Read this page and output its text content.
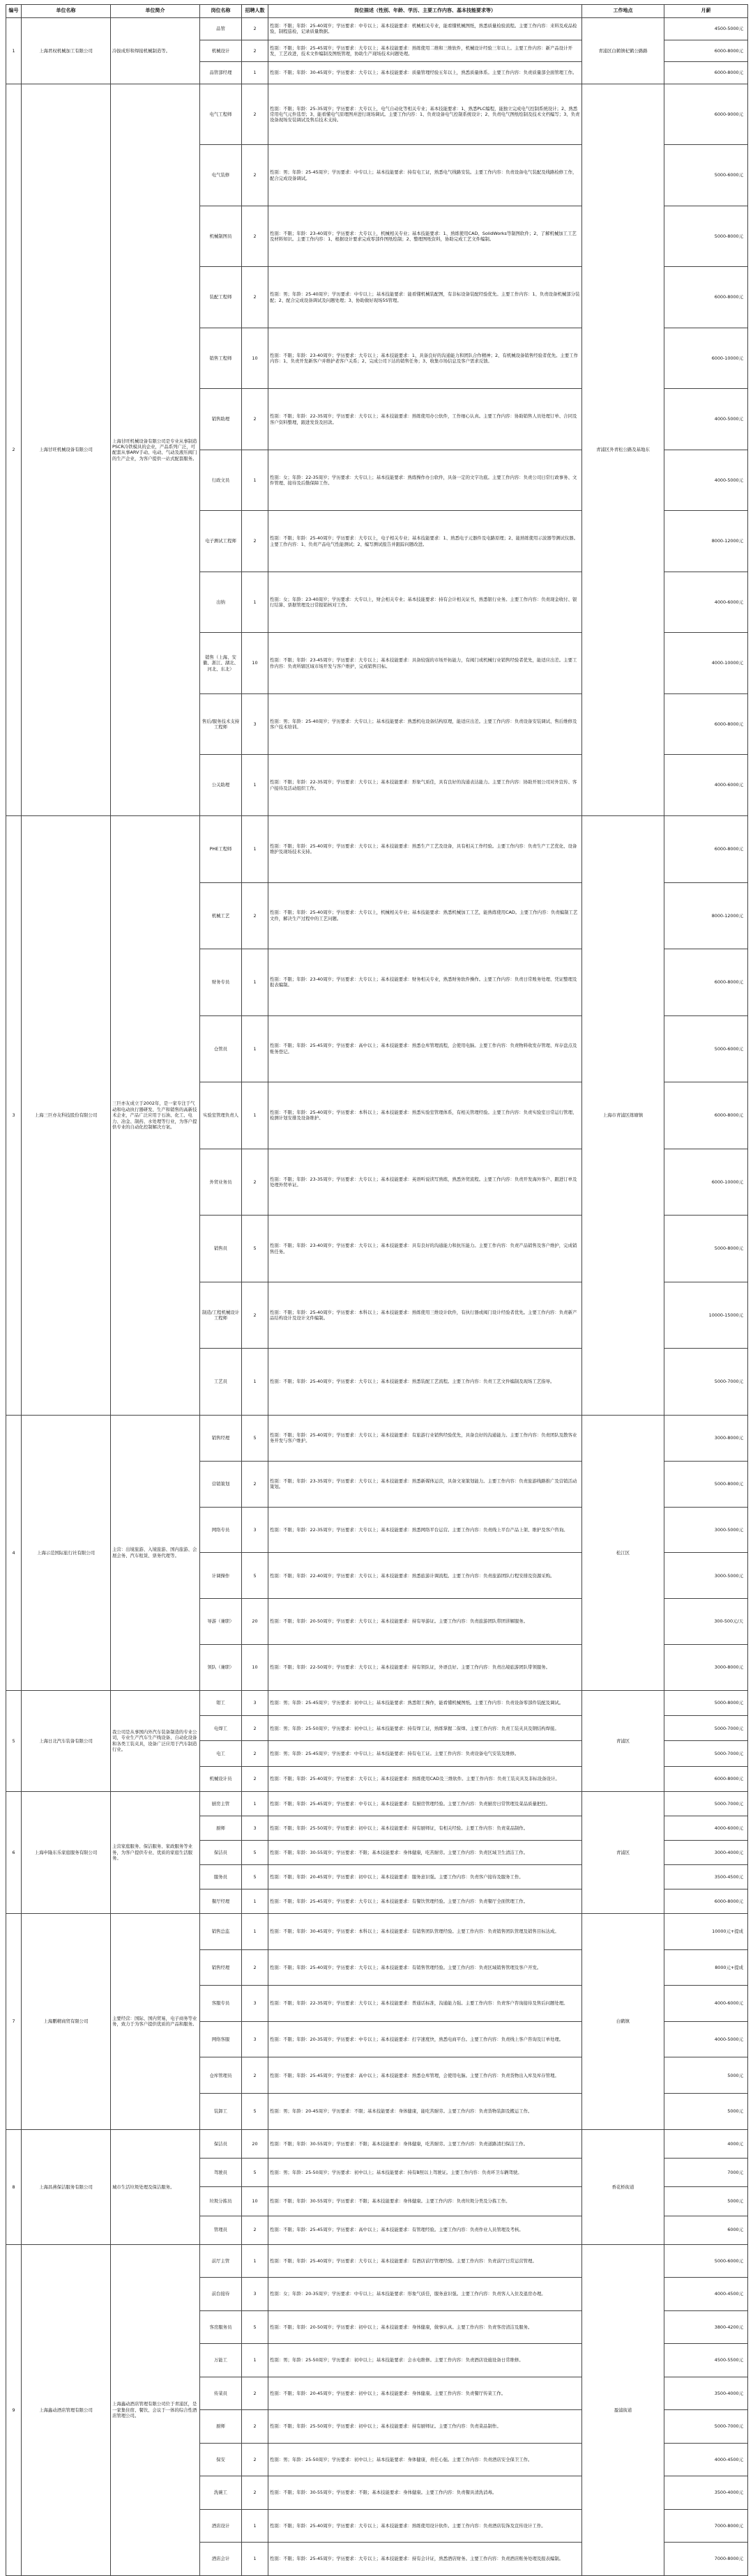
编号	单位名称	单位简介	岗位名称	招聘人数	岗位描述（性别、年龄、学历、主要工作内容、基本技能要求等）	工作地点	月薪
1	上海君权机械加工有限公司	冷拔成形和焊接机械制造等。	品管	2	性别：不限；年龄：25-40周岁；学历要求：中专以上；基本技能要求：机械相关专业，能看懂机械图纸，熟悉质量检验流程。主要工作内容：来料及成品检验，制程巡检，记录质量数据。	青浦区白鹤镇杞鹤公路路	4500-5000元
			机械设计	2	性别：不限；年龄：25-45周岁；学历要求：大专以上；基本技能要求：熟练使用二维和三维软件，机械设计经验三年以上。主要工作内容：新产品设计开发，工艺改进，技术文件编制及图纸管理，协助生产现场技术问题处理。		6000-8000元
			品管部经理	1	性别：不限；年龄：30-45周岁；学历要求：大专以上；基本技能要求：质量管理经验五年以上，熟悉质量体系。主要工作内容：负责质量部全面管理工作。		6000-8000元
2	上海甘旺机械设备有限公司	上海甘旺机械设备有限公司是专业从事制造PSCR冷铁模具的企业，产品系列广泛，可配套从事ARV手动、电动、气动及液压阀门的生产企业，为客户提供一站式配套服务。	电气工程师	2	性别：不限；年龄：25-35周岁；学历要求：大专以上，电气自动化等相关专业；基本技能要求：1、熟悉PLC编程，能独立完成电气控制系统设计；2、熟悉常用电气元件选型；3、能看懂电气原理图并进行现场调试。主要工作内容：1、负责设备电气控制系统设计；2、负责电气图纸绘制及技术文档编写；3、负责设备现场安装调试及售后技术支持。	青浦区外青松公路及基地东	6000-9000元
			电气装修	2	性别：男；年龄：25-45周岁；学历要求：中专以上；基本技能要求：持有电工证，熟悉电气线路安装。主要工作内容：负责设备电气装配及线路检修工作，配合完成设备调试。		5000-6000元
			机械制图员	2	性别：不限；年龄：23-40周岁；学历要求：大专以上，机械相关专业；基本技能要求：1、熟练使用CAD、SolidWorks等制图软件；2、了解机械加工工艺及材料知识。主要工作内容：1、根据设计要求完成零部件图纸绘制；2、整理图纸资料，协助完成工艺文件编制。		5000-8000元
			装配工程师	2	性别：男；年龄：25-40周岁；学历要求：中专以上；基本技能要求：能看懂机械装配图，有非标设备装配经验优先。主要工作内容：1、负责设备机械部分装配；2、配合完成设备调试及问题处理；3、协助做好现场5S管理。		6000-8000元
			销售工程师	10	性别：不限；年龄：23-40周岁；学历要求：大专以上；基本技能要求：1、具备良好的沟通能力和团队合作精神；2、有机械设备销售经验者优先。主要工作内容：1、负责开发新客户并维护老客户关系；2、完成公司下达的销售任务；3、收集市场信息及客户需求反馈。		6000-10000元
			销售助理	2	性别：不限；年龄：22-35周岁；学历要求：大专以上；基本技能要求：熟练使用办公软件，工作细心认真。主要工作内容：协助销售人员处理订单、合同及客户资料整理，跟进发货及回款。		4000-5000元
			行政文员	1	性别：女；年龄：22-35周岁；学历要求：大专以上；基本技能要求：熟练操作办公软件，具备一定的文字功底。主要工作内容：负责公司日常行政事务、文件管理、接待及后勤保障工作。		4000-5000元
			电子测试工程师	2	性别：不限；年龄：25-40周岁；学历要求：大专以上，电子相关专业；基本技能要求：1、熟悉电子元器件及电路原理；2、能熟练使用示波器等测试仪器。主要工作内容：1、负责产品电气性能测试；2、编写测试报告并跟踪问题改进。		8000-12000元
			出纳	1	性别：女；年龄：23-40周岁；学历要求：大专以上，财会相关专业；基本技能要求：持有会计相关证书，熟悉银行业务。主要工作内容：负责现金收付、银行结算、票据管理及日常报销核对工作。		4000-6000元
			销售（上海、安徽、浙江、湖北、河北、东北）	10	性别：不限；年龄：23-45周岁；学历要求：大专以上；基本技能要求：具备较强的市场开拓能力，有阀门或机械行业销售经验者优先，能适应出差。主要工作内容：负责所辖区域市场开发与客户维护，完成销售目标。		4000-10000元
			售后/服务技术支持工程师	3	性别：男；年龄：25-40周岁；学历要求：大专以上；基本技能要求：熟悉机电设备结构原理，能适应出差。主要工作内容：负责设备安装调试、售后维修及客户技术培训。		6000-8000元
			公关助理	1	性别：不限；年龄：22-35周岁；学历要求：大专以上；基本技能要求：形象气质佳，具有良好的沟通表达能力。主要工作内容：协助开展公司对外宣传、客户接待及活动组织工作。		4000-6000元
3	上海三巨亦友科技股份有限公司	三巨亦友成立于2002年，是一家专注于气动和电动执行器研发、生产和销售的高新技术企业，产品广泛应用于石油、化工、电力、冶金、制药、水处理等行业，为客户提供专业的自动化控制解决方案。	PHE工程师	1	性别：不限；年龄：25-40周岁；学历要求：大专以上；基本技能要求：熟悉生产工艺及设备，具有相关工作经验。主要工作内容：负责生产工艺优化、设备维护及现场技术支持。	上海市青浦区练塘镇	6000-8000元
			机械工艺	2	性别：不限；年龄：25-40周岁；学历要求：大专以上，机械相关专业；基本技能要求：熟悉机械加工工艺，能熟练使用CAD。主要工作内容：负责编制工艺文件，解决生产过程中的工艺问题。		8000-12000元
			财务专员	1	性别：不限；年龄：23-40周岁；学历要求：大专以上；基本技能要求：财务相关专业，熟悉财务软件操作。主要工作内容：负责日常账务处理、凭证整理及报表编制。		6000-8000元
			仓管员	1	性别：不限；年龄：25-45周岁；学历要求：高中以上；基本技能要求：熟悉仓库管理流程，会使用电脑。主要工作内容：负责物料收发存管理、库存盘点及账务登记。		5000-6000元
			实验室管理负责人	1	性别：不限；年龄：25-40周岁；学历要求：本科以上；基本技能要求：熟悉实验室管理体系，有相关管理经验。主要工作内容：负责实验室日常运行管理、检测计划安排及设备维护。		6000-8000元
			外贸业务员	2	性别：不限；年龄：23-35周岁；学历要求：大专以上；基本技能要求：英语听说读写熟练，熟悉外贸流程。主要工作内容：负责开发海外客户、跟进订单及处理外贸单证。		6000-10000元
			销售员	5	性别：不限；年龄：23-40周岁；学历要求：大专以上；基本技能要求：具有良好的沟通能力和抗压能力。主要工作内容：负责产品销售及客户维护，完成销售任务。		5000-8000元
			制造/工程机械设计工程师	2	性别：不限；年龄：25-40周岁；学历要求：本科以上；基本技能要求：熟练使用三维设计软件，有执行器或阀门设计经验者优先。主要工作内容：负责新产品结构设计及设计文件编制。		10000-15000元
			工艺员	1	性别：不限；年龄：25-40周岁；学历要求：大专以上；基本技能要求：熟悉装配工艺流程。主要工作内容：负责工艺文件编制及现场工艺指导。		5000-7000元
4	上海示范国际旅行社有限公司	主营：出境旅游、入境旅游、国内旅游、会展会务、汽车租赁、票务代理等。	销售经理	5	性别：不限；年龄：25-40周岁；学历要求：大专以上；基本技能要求：有旅游行业销售经验优先，具备良好的沟通能力。主要工作内容：负责团队及散客业务开发与客户维护。	松江区	3000-8000元
			营销策划	2	性别：不限；年龄：23-35周岁；学历要求：大专以上；基本技能要求：熟悉新媒体运营，具备文案策划能力。主要工作内容：负责旅游线路推广及营销活动策划。		5000-8000元
			网络专员	3	性别：不限；年龄：22-35周岁；学历要求：大专以上；基本技能要求：熟悉网络平台运营。主要工作内容：负责线上平台产品上架、维护及客户咨询。		3000-5000元
			计调操作	5	性别：不限；年龄：22-40周岁；学历要求：大专以上；基本技能要求：熟悉旅游计调流程。主要工作内容：负责旅游团队行程安排及资源采购。		3000-5000元
			导游（兼职）	20	性别：不限；年龄：20-50周岁；学历要求：大专以上；基本技能要求：持有导游证。主要工作内容：负责旅游团队带团讲解服务。		300-500元/天
			领队（兼职）	10	性别：不限；年龄：22-50周岁；学历要求：大专以上；基本技能要求：持有领队证，外语良好。主要工作内容：负责出境旅游团队带领服务。		3000-8000元
5	上海日北汽车装备有限公司	我公司是从事国内外汽车装备制造的专业公司，专业生产汽车生产线设备、自动化设备和各类工装夹具，设备广泛应用于汽车制造行业。	钳工	3	性别：男；年龄：25-45周岁；学历要求：初中以上；基本技能要求：熟悉钳工操作，能看懂机械图纸。主要工作内容：负责设备零部件装配及调试。	青浦区	5000-8000元
			电焊工	2	性别：男；年龄：25-50周岁；学历要求：初中以上；基本技能要求：持有焊工证，熟练掌握二保焊。主要工作内容：负责工装夹具及钢结构焊接。		5000-7000元
			电工	2	性别：男；年龄：25-45周岁；学历要求：中专以上；基本技能要求：持有电工证。主要工作内容：负责设备电气安装及维修。		5000-7000元
			机械设计员	2	性别：不限；年龄：25-40周岁；学历要求：大专以上；基本技能要求：熟练使用CAD及三维软件。主要工作内容：负责工装夹具及非标设备设计。		6000-8000元
6	上海申隆东乐家庭服务有限公司	主营家庭服务、保洁服务、家政服务等业务，为客户提供专业、优质的家庭生活服务。	厨房主管	1	性别：不限；年龄：25-45周岁；学历要求：中专以上；基本技能要求：有厨房管理经验。主要工作内容：负责厨房日常管理及菜品质量把控。	青浦区	5000-7000元
			厨师	3	性别：不限；年龄：25-50周岁；学历要求：初中以上；基本技能要求：持有厨师证，有相关经验。主要工作内容：负责菜品制作。		4000-6000元
			保洁员	5	性别：不限；年龄：30-55周岁；学历要求：不限；基本技能要求：身体健康，吃苦耐劳。主要工作内容：负责区域卫生清洁工作。		3000-4000元
			服务员	5	性别：不限；年龄：20-45周岁；学历要求：初中以上；基本技能要求：服务意识强。主要工作内容：负责客户接待及服务工作。		3500-4500元
			餐厅经理	1	性别：不限；年龄：25-45周岁；学历要求：大专以上；基本技能要求：有餐饮管理经验。主要工作内容：负责餐厅全面管理工作。		6000-8000元
7	上海鹏精商贸有限公司	主要经营：国际、国内贸易，电子商务等业务，致力于为客户提供优质的产品和服务。	销售总监	1	性别：不限；年龄：30-45周岁；学历要求：本科以上；基本技能要求：有销售团队管理经验。主要工作内容：负责销售团队管理及销售目标达成。	白鹤镇	10000元+提成
			销售经理	2	性别：不限；年龄：25-40周岁；学历要求：大专以上；基本技能要求：有销售管理经验。主要工作内容：负责区域销售管理及客户开发。		8000元+提成
			客服专员	3	性别：不限；年龄：22-35周岁；学历要求：大专以上；基本技能要求：普通话标准，沟通能力强。主要工作内容：负责客户咨询接待及售后问题处理。		4000-6000元
			网络客服	3	性别：不限；年龄：20-35周岁；学历要求：中专以上；基本技能要求：打字速度快，熟悉电商平台。主要工作内容：负责线上客户咨询及订单处理。		4000-5000元
			仓库管理员	2	性别：不限；年龄：25-45周岁；学历要求：高中以上；基本技能要求：熟悉仓库管理，会使用电脑。主要工作内容：负责货物出入库及库存管理。		5000元
			装卸工	5	性别：男；年龄：20-45周岁；学历要求：不限；基本技能要求：身体健康，能吃苦耐劳。主要工作内容：负责货物装卸及搬运工作。		5000元
8	上海昌燕保洁服务有限公司	城市生活垃圾处理及保洁服务。	保洁员	20	性别：不限；年龄：30-55周岁；学历要求：不限；基本技能要求：身体健康，吃苦耐劳。主要工作内容：负责道路清扫保洁工作。	香花桥街道	4000元
			驾驶员	5	性别：男；年龄：25-50周岁；学历要求：初中以上；基本技能要求：持有B照以上驾驶证。主要工作内容：负责环卫车辆驾驶。		7000元
			垃圾分拣员	10	性别：不限；年龄：30-55周岁；学历要求：不限；基本技能要求：身体健康。主要工作内容：负责垃圾分类及分拣工作。		5000元
			管理员	2	性别：不限；年龄：25-45周岁；学历要求：高中以上；基本技能要求：有管理经验。主要工作内容：负责作业人员管理及考核。		6000元
9	上海鑫动酒店管理有限公司	上海鑫动酒店管理有限公司位于青浦区，是一家集住宿、餐饮、会议于一体的综合性酒店管理公司。	前厅主管	1	性别：不限；年龄：25-40周岁；学历要求：大专以上；基本技能要求：有酒店前厅管理经验。主要工作内容：负责前厅日常运营管理。	盈浦街道	5000-6000元
			前台接待	3	性别：女；年龄：20-35周岁；学历要求：中专以上；基本技能要求：形象气质佳，服务意识强。主要工作内容：负责客人入住及退房办理。		4000-4500元
			客房服务员	5	性别：不限；年龄：20-50周岁；学历要求：初中以上；基本技能要求：身体健康，做事认真。主要工作内容：负责客房清洁及服务。		3800-4200元
			万能工	1	性别：男；年龄：25-50周岁；学历要求：初中以上；基本技能要求：会水电维修。主要工作内容：负责酒店设施设备日常维修。		4500-5500元
			传菜员	2	性别：不限；年龄：20-45周岁；学历要求：初中以上；基本技能要求：身体健康。主要工作内容：负责餐厅传菜工作。		3500-4000元
			厨师	2	性别：不限；年龄：25-50周岁；学历要求：初中以上；基本技能要求：持有厨师证。主要工作内容：负责菜品制作。		5000-7000元
			保安	2	性别：男；年龄：25-50周岁；学历要求：初中以上；基本技能要求：身体健康，责任心强。主要工作内容：负责酒店安全保卫工作。		4000-4500元
			洗碗工	2	性别：不限；年龄：30-55周岁；学历要求：不限；基本技能要求：身体健康。主要工作内容：负责餐具清洗消毒。		3500-4000元
			酒店设计	1	性别：不限；年龄：25-40周岁；学历要求：大专以上；基本技能要求：熟练使用设计软件。主要工作内容：负责酒店装饰及宣传设计工作。		7000-8000元
			酒店会计	1	性别：不限；年龄：25-45周岁；学历要求：大专以上；基本技能要求：持有会计证，熟悉酒店财务。主要工作内容：负责酒店账务处理及报表编制。		7000-8000元
